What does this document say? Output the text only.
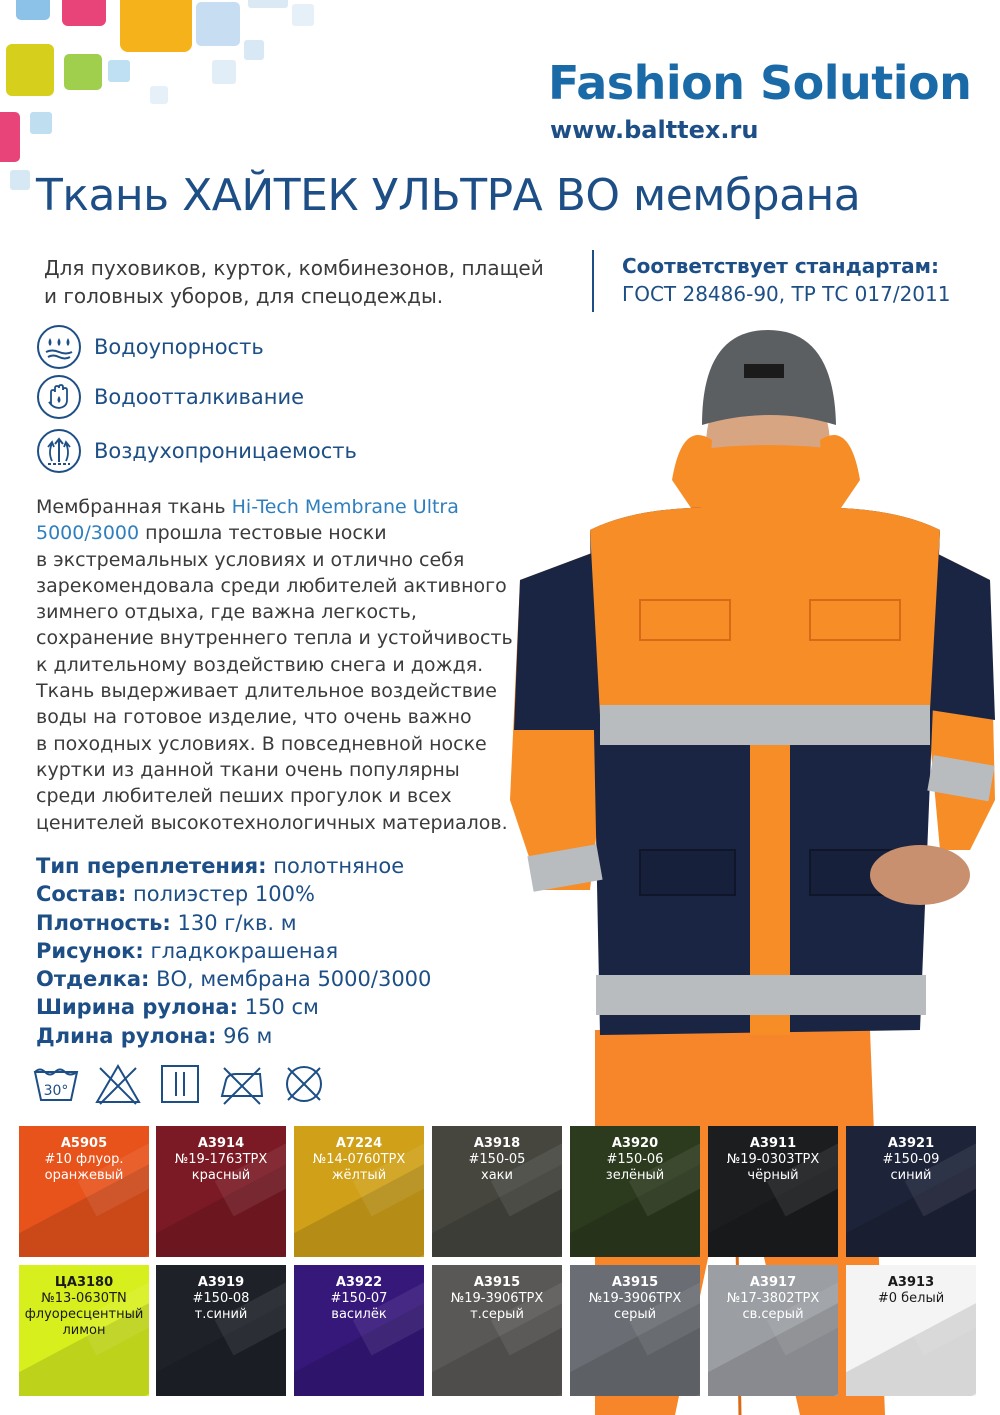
Fashion Solution
www.balttex.ru
Ткань ХАЙТЕК УЛЬТРА ВО мембрана
Для пуховиков, курток, комбинезонов, плащей
и головных уборов, для спецодежды.
Соответствует стандартам:
ГОСТ 28486-90, ТР ТС 017/2011
Водоупорность
Водоотталкивание
Воздухопроницаемость
Мембранная ткань Hi-Tech Membrane Ultra
5000/3000 прошла тестовые носки
в экстремальных условиях и отлично себя
зарекомендовала среди любителей активного
зимнего отдыха, где важна легкость,
сохранение внутреннего тепла и устойчивость
к длительному воздействию снега и дождя.
Ткань выдерживает длительное воздействие
воды на готовое изделие, что очень важно
в походных условиях. В повседневной носке
куртки из данной ткани очень популярны
среди любителей пеших прогулок и всех
ценителей высокотехнологичных материалов.
Тип переплетения: полотняное
Состав: полиэстер 100%
Плотность: 130 г/кв. м
Рисунок: гладкокрашеная
Отделка: ВО, мембрана 5000/3000
Ширина рулона: 150 см
Длина рулона: 96 м
30°
A5905
#10 флуор.
оранжевый
A3914
№19-1763TPX
красный
A7224
№14-0760TPX
жёлтый
A3918
#150-05
хаки
A3920
#150-06
зелёный
A3911
№19-0303TPX
чёрный
A3921
#150-09
синий
ЦА3180
№13-0630TN
флуоресцентный
лимон
A3919
#150-08
т.синий
A3922
#150-07
василёк
A3915
№19-3906TPX
т.серый
A3915
№19-3906TPX
серый
A3917
№17-3802TPX
св.серый
A3913
#0 белый
